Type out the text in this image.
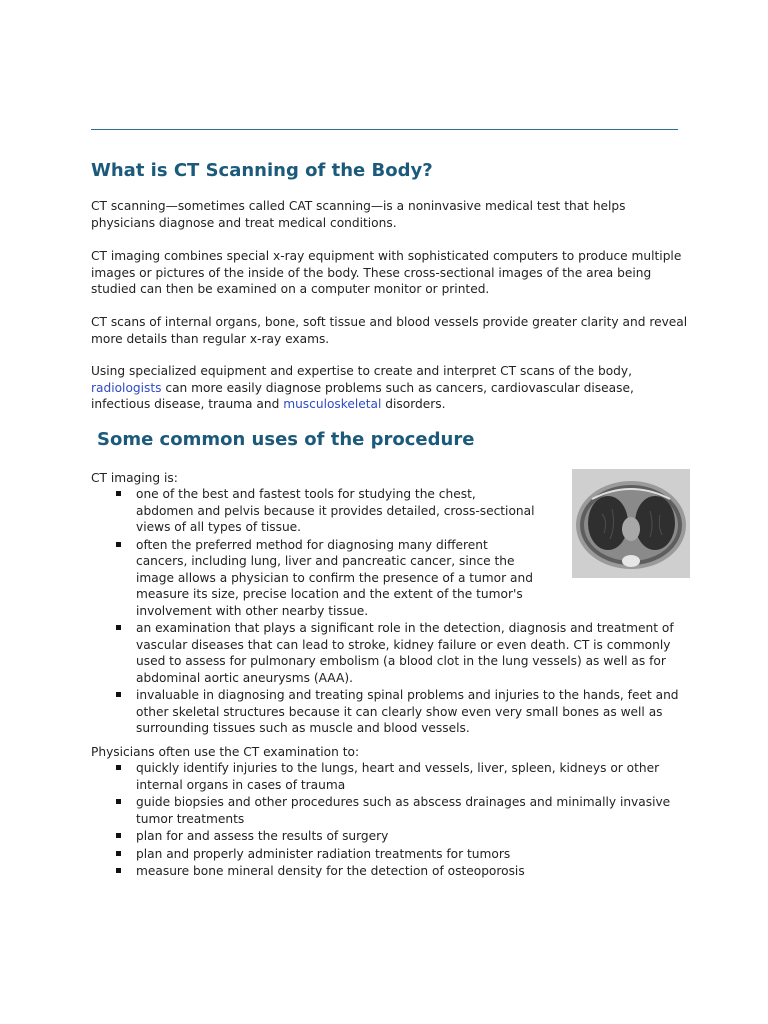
What is CT Scanning of the Body?

CT scanning—sometimes called CAT scanning—is a noninvasive medical test that helps physicians diagnose and treat medical conditions.

CT imaging combines special x-ray equipment with sophisticated computers to produce multiple images or pictures of the inside of the body. These cross-sectional images of the area being studied can then be examined on a computer monitor or printed.

CT scans of internal organs, bone, soft tissue and blood vessels provide greater clarity and reveal more details than regular x-ray exams.

Using specialized equipment and expertise to create and interpret CT scans of the body, radiologists can more easily diagnose problems such as cancers, cardiovascular disease, infectious disease, trauma and musculoskeletal disorders.

Some common uses of the procedure

CT imaging is:

one of the best and fastest tools for studying the chest, abdomen and pelvis because it provides detailed, cross-sectional views of all types of tissue.
often the preferred method for diagnosing many different cancers, including lung, liver and pancreatic cancer, since the image allows a physician to confirm the presence of a tumor and measure its size, precise location and the extent of the tumor's involvement with other nearby tissue.
an examination that plays a significant role in the detection, diagnosis and treatment of vascular diseases that can lead to stroke, kidney failure or even death. CT is commonly used to assess for pulmonary embolism (a blood clot in the lung vessels) as well as for abdominal aortic aneurysms (AAA).
invaluable in diagnosing and treating spinal problems and injuries to the hands, feet and other skeletal structures because it can clearly show even very small bones as well as surrounding tissues such as muscle and blood vessels.

Physicians often use the CT examination to:

quickly identify injuries to the lungs, heart and vessels, liver, spleen, kidneys or other internal organs in cases of trauma
guide biopsies and other procedures such as abscess drainages and minimally invasive tumor treatments
plan for and assess the results of surgery
plan and properly administer radiation treatments for tumors
measure bone mineral density for the detection of osteoporosis
